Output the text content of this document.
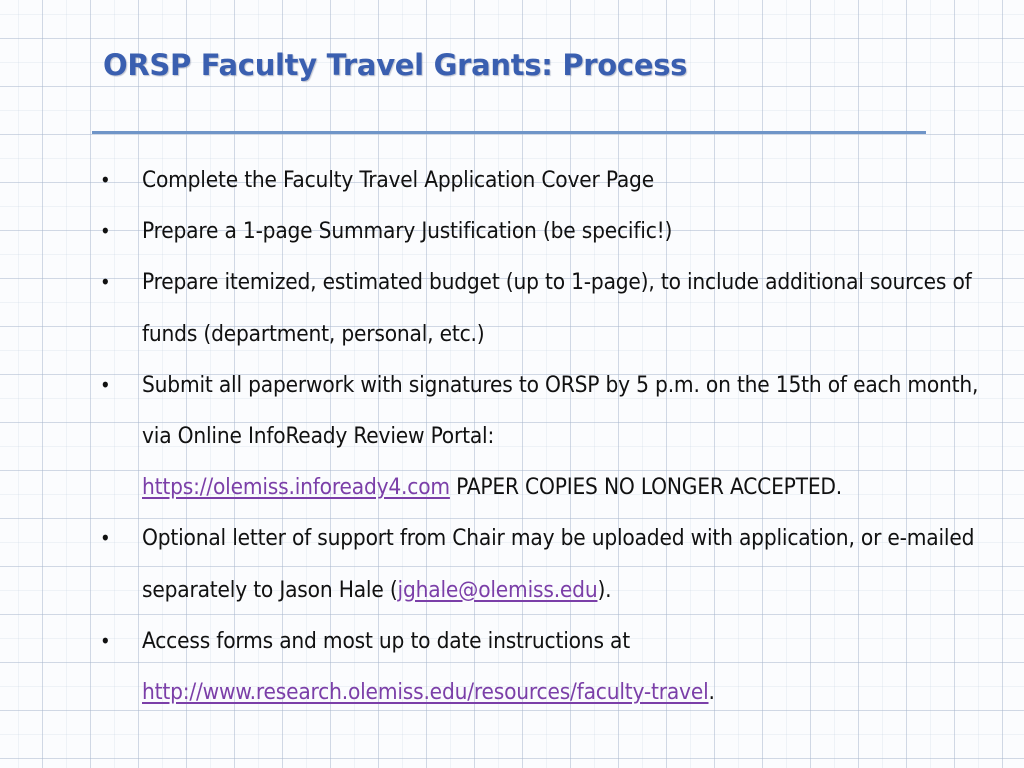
ORSP Faculty Travel Grants: Process
• Complete the Faculty Travel Application Cover Page
• Prepare a 1-page Summary Justification (be specific!)
• Prepare itemized, estimated budget (up to 1-page), to include additional sources of funds (department, personal, etc.)
• Submit all paperwork with signatures to ORSP by 5 p.m. on the 15th of each month, via Online InfoReady Review Portal:
https://olemiss.infoready4.com PAPER COPIES NO LONGER ACCEPTED.
• Optional letter of support from Chair may be uploaded with application, or e-mailed separately to Jason Hale (jghale@olemiss.edu).
• Access forms and most up to date instructions at
http://www.research.olemiss.edu/resources/faculty-travel.
